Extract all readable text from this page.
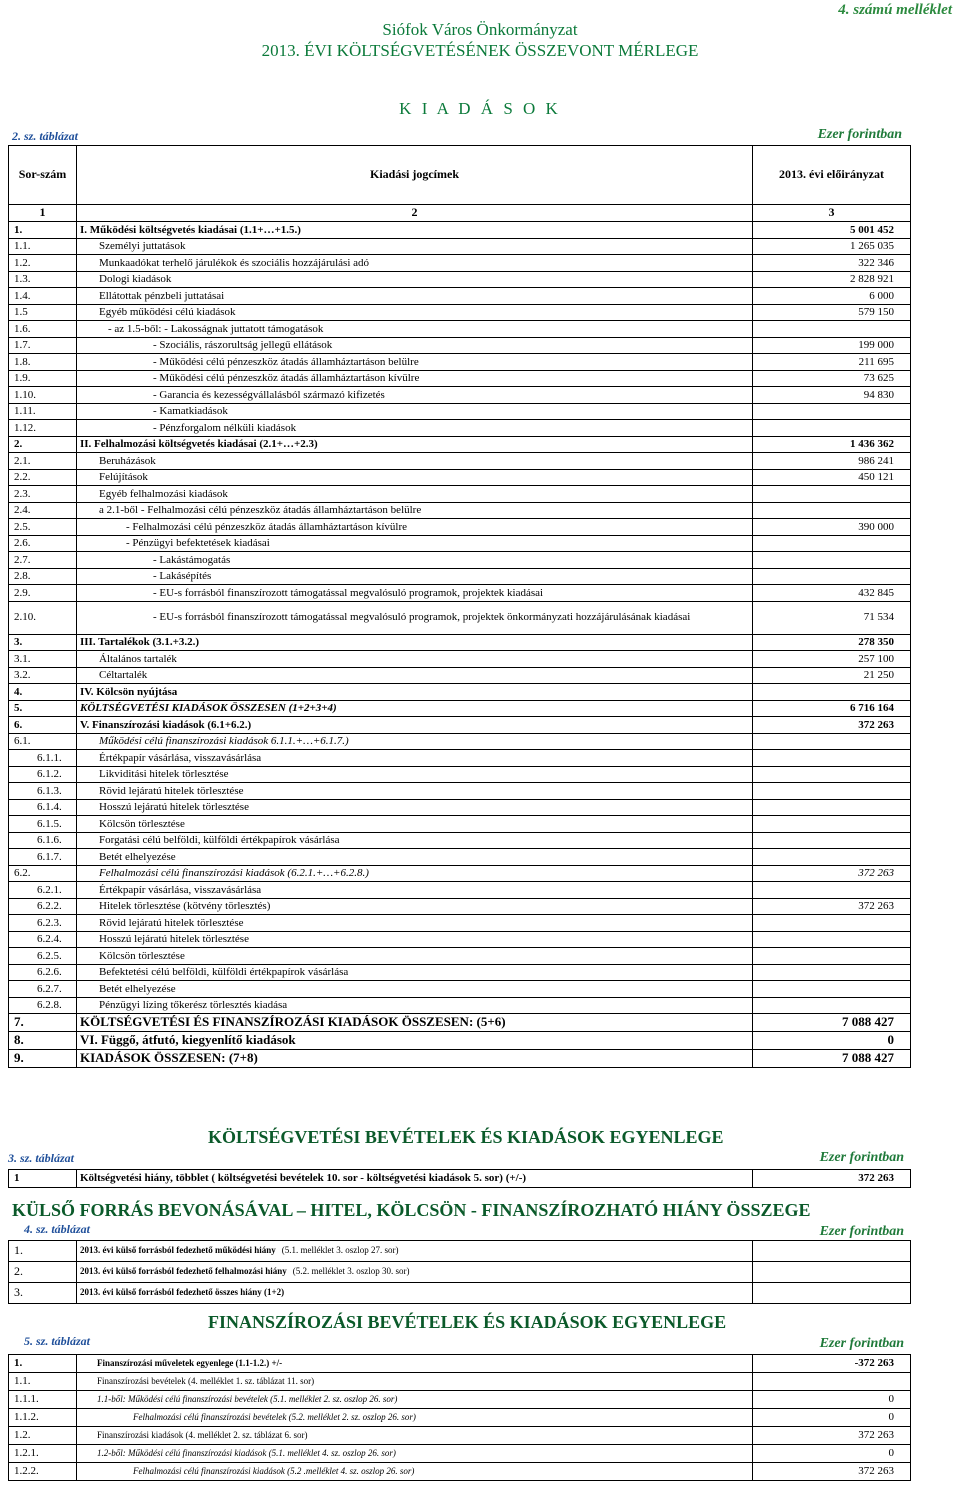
4. számú melléklet
Siófok Város Önkormányzat
2013. ÉVI KÖLTSÉGVETÉSÉNEK ÖSSZEVONT MÉRLEGE
K I A D Á S O K
2. sz. táblázat	Ezer forintban
Sor-szám	Kiadási jogcímek	2013. évi előirányzat
1	2	3
1.	I. Működési költségvetés kiadásai (1.1+…+1.5.)	5 001 452
1.1.	Személyi juttatások	1 265 035
1.2.	Munkaadókat terhelő járulékok és szociális hozzájárulási adó	322 346
1.3.	Dologi kiadások	2 828 921
1.4.	Ellátottak pénzbeli juttatásai	6 000
1.5	Egyéb működési célú kiadások	579 150
1.6.	- az 1.5-ből: - Lakosságnak juttatott támogatások	
1.7.	- Szociális, rászorultság jellegű ellátások	199 000
1.8.	- Működési célú pénzeszköz átadás államháztartáson belülre	211 695
1.9.	- Működési célú pénzeszköz átadás államháztartáson kívülre	73 625
1.10.	- Garancia és kezességvállalásból származó kifizetés	94 830
1.11.	- Kamatkiadások	
1.12.	- Pénzforgalom nélküli kiadások	
2.	II. Felhalmozási költségvetés kiadásai (2.1+…+2.3)	1 436 362
2.1.	Beruházások	986 241
2.2.	Felújítások	450 121
2.3.	Egyéb felhalmozási kiadások	
2.4.	a 2.1-ből - Felhalmozási célú pénzeszköz átadás államháztartáson belülre	
2.5.	- Felhalmozási célú pénzeszköz átadás államháztartáson kívülre	390 000
2.6.	- Pénzügyi befektetések kiadásai	
2.7.	- Lakástámogatás	
2.8.	- Lakásépítés	
2.9.	- EU-s forrásból finanszírozott támogatással megvalósuló programok, projektek kiadásai	432 845
2.10.	- EU-s forrásból finanszírozott támogatással megvalósuló programok, projektek önkormányzati hozzájárulásának kiadásai	71 534
3.	III. Tartalékok (3.1.+3.2.)	278 350
3.1.	Általános tartalék	257 100
3.2.	Céltartalék	21 250
4.	IV. Kölcsön nyújtása	
5.	KÖLTSÉGVETÉSI KIADÁSOK ÖSSZESEN (1+2+3+4)	6 716 164
6.	V. Finanszírozási kiadások (6.1+6.2.)	372 263
6.1.	Működési célú finanszírozási kiadások 6.1.1.+…+6.1.7.)	
6.1.1.	Értékpapír vásárlása, visszavásárlása	
6.1.2.	Likviditási hitelek törlesztése	
6.1.3.	Rövid lejáratú hitelek törlesztése	
6.1.4.	Hosszú lejáratú hitelek törlesztése	
6.1.5.	Kölcsön törlesztése	
6.1.6.	Forgatási célú belföldi, külföldi értékpapírok vásárlása	
6.1.7.	Betét elhelyezése	
6.2.	Felhalmozási célú finanszírozási kiadások (6.2.1.+…+6.2.8.)	372 263
6.2.1.	Értékpapír vásárlása, visszavásárlása	
6.2.2.	Hitelek törlesztése (kötvény törlesztés)	372 263
6.2.3.	Rövid lejáratú hitelek törlesztése	
6.2.4.	Hosszú lejáratú hitelek törlesztése	
6.2.5.	Kölcsön törlesztése	
6.2.6.	Befektetési célú belföldi, külföldi értékpapírok vásárlása	
6.2.7.	Betét elhelyezése	
6.2.8.	Pénzügyi lízing tőkerész törlesztés kiadása	
7.	KÖLTSÉGVETÉSI ÉS FINANSZÍROZÁSI KIADÁSOK ÖSSZESEN: (5+6)	7 088 427
8.	VI. Függő, átfutó, kiegyenlítő kiadások	0
9.	KIADÁSOK ÖSSZESEN: (7+8)	7 088 427
KÖLTSÉGVETÉSI BEVÉTELEK ÉS KIADÁSOK EGYENLEGE
3. sz. táblázat	Ezer forintban
1	Költségvetési hiány, többlet ( költségvetési bevételek 10. sor - költségvetési kiadások 5. sor) (+/-)	372 263
KÜLSŐ FORRÁS BEVONÁSÁVAL – HITEL, KÖLCSÖN - FINANSZÍROZHATÓ HIÁNY ÖSSZEGE
4. sz. táblázat	Ezer forintban
1.	2013. évi külső forrásból fedezhető működési hiány (5.1. melléklet 3. oszlop 27. sor)	
2.	2013. évi külső forrásból fedezhető felhalmozási hiány (5.2. melléklet 3. oszlop 30. sor)	
3.	2013. évi külső forrásból fedezhető összes hiány (1+2)	
FINANSZÍROZÁSI BEVÉTELEK ÉS KIADÁSOK EGYENLEGE
5. sz. táblázat	Ezer forintban
1.	Finanszírozási műveletek egyenlege (1.1-1.2.) +/-	-372 263
1.1.	Finanszírozási bevételek (4. melléklet 1. sz. táblázat 11. sor)	
1.1.1.	1.1-ből: Működési célú finanszírozási bevételek (5.1. melléklet 2. sz. oszlop 26. sor)	0
1.1.2.	Felhalmozási célú finanszírozási bevételek (5.2. melléklet 2. sz. oszlop 26. sor)	0
1.2.	Finanszírozási kiadások (4. melléklet 2. sz. táblázat 6. sor)	372 263
1.2.1.	1.2-ből: Működési célú finanszírozási kiadások (5.1. melléklet 4. sz. oszlop 26. sor)	0
1.2.2.	Felhalmozási célú finanszírozási kiadások (5.2 .melléklet 4. sz. oszlop 26. sor)	372 263
